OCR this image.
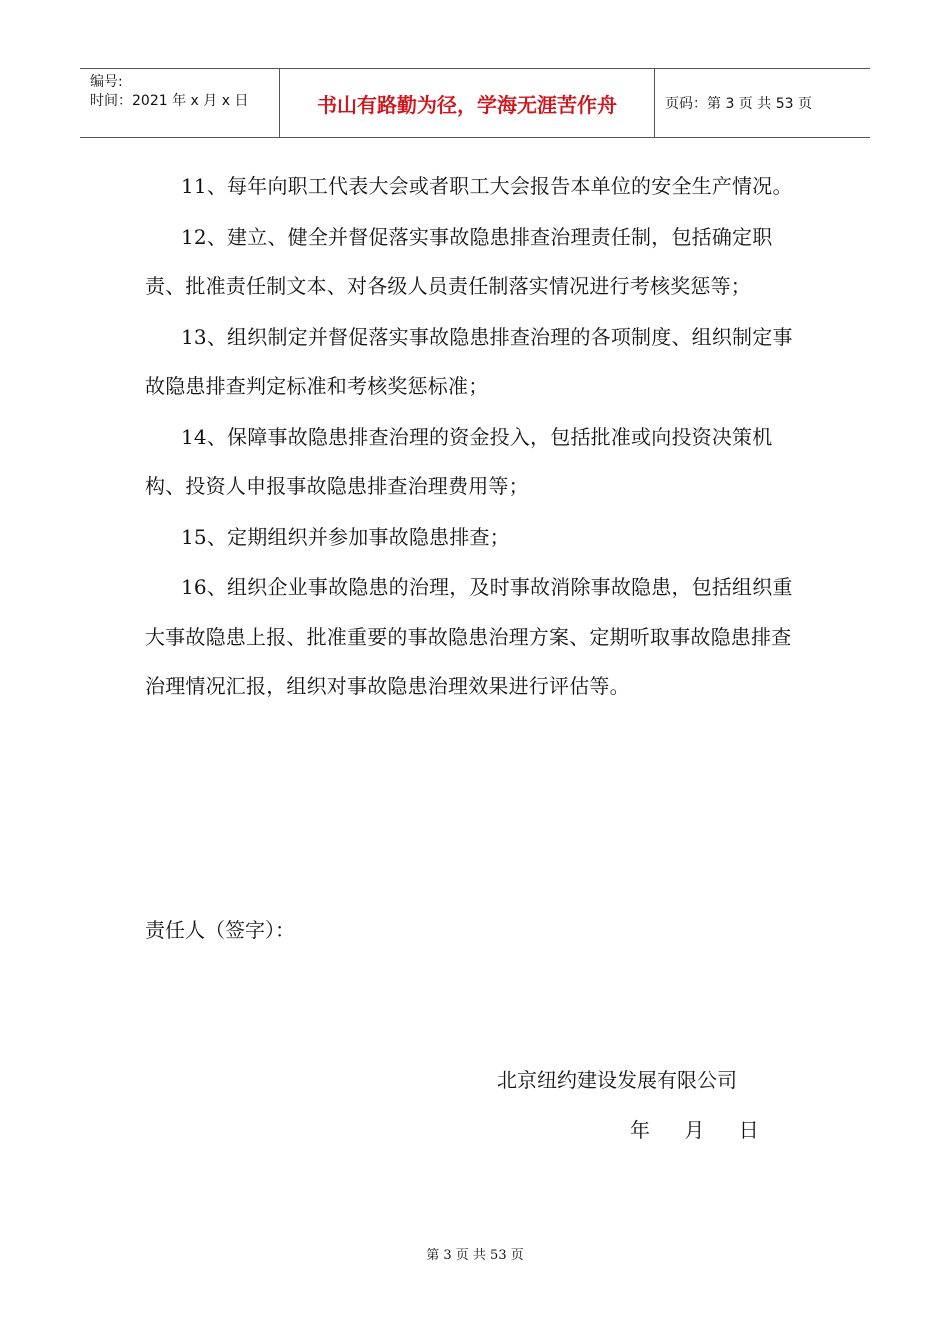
编号:
时间：2021 年 x 月 x 日	书山有路勤为径，学海无涯苦作舟	页码：第 3 页 共 53 页

11、每年向职工代表大会或者职工大会报告本单位的安全生产情况。

12、建立、健全并督促落实事故隐患排查治理责任制，包括确定职责、批准责任制文本、对各级人员责任制落实情况进行考核奖惩等；

13、组织制定并督促落实事故隐患排查治理的各项制度、组织制定事故隐患排查判定标准和考核奖惩标准；

14、保障事故隐患排查治理的资金投入，包括批准或向投资决策机构、投资人申报事故隐患排查治理费用等；

15、定期组织并参加事故隐患排查；

16、组织企业事故隐患的治理，及时事故消除事故隐患，包括组织重大事故隐患上报、批准重要的事故隐患治理方案、定期听取事故隐患排查治理情况汇报，组织对事故隐患治理效果进行评估等。

责任人（签字）：
北京纽约建设发展有限公司
年 月 日
第 3 页 共 53 页
